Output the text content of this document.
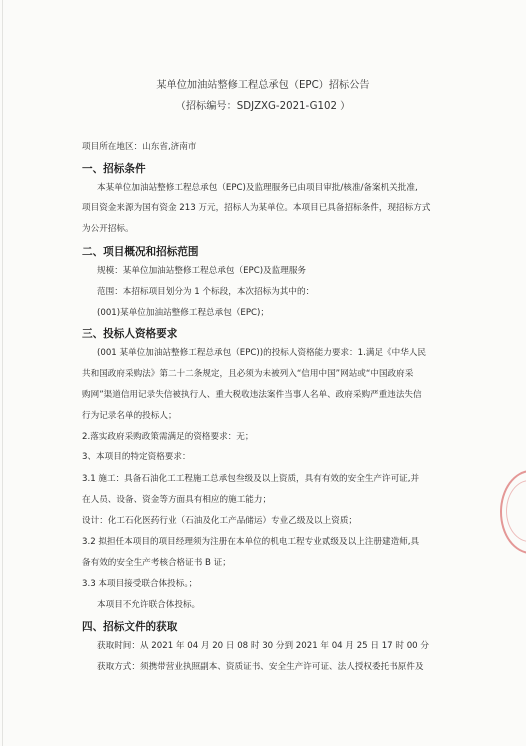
某单位加油站整修工程总承包（EPC）招标公告
（招标编号：SDJZXG-2021-G102 ）
项目所在地区：山东省,济南市
一、招标条件
本某单位加油站整修工程总承包（EPC)及监理服务已由项目审批/核准/备案机关批准,
项目资金来源为国有资金 213 万元，招标人为某单位。本项目已具备招标条件，现招标方式
为公开招标。
二、项目概况和招标范围
规模：某单位加油站整修工程总承包（EPC)及监理服务
范围：本招标项目划分为 1 个标段，本次招标为其中的：
(001)某单位加油站整修工程总承包（EPC)；
三、投标人资格要求
(001 某单位加油站整修工程总承包（EPC))的投标人资格能力要求：1.满足《中华人民
共和国政府采购法》第二十二条规定，且必须为未被列入“信用中国”网站或“中国政府采
购网”渠道信用记录失信被执行人、重大税收违法案件当事人名单、政府采购严重违法失信
行为记录名单的投标人；
2.落实政府采购政策需满足的资格要求：无；
3、本项目的特定资格要求：
3.1 施工：具备石油化工工程施工总承包叁级及以上资质，具有有效的安全生产许可证,并
在人员、设备、资金等方面具有相应的施工能力；
设计：化工石化医药行业（石油及化工产品储运）专业乙级及以上资质；
3.2 拟担任本项目的项目经理须为注册在本单位的机电工程专业贰级及以上注册建造师,具
备有效的安全生产考核合格证书 B 证；
3.3 本项目接受联合体投标。；
本项目不允许联合体投标。
四、招标文件的获取
获取时间：从 2021 年 04 月 20 日 08 时 30 分到 2021 年 04 月 25 日 17 时 00 分
获取方式：须携带营业执照副本、资质证书、安全生产许可证、法人授权委托书原件及
